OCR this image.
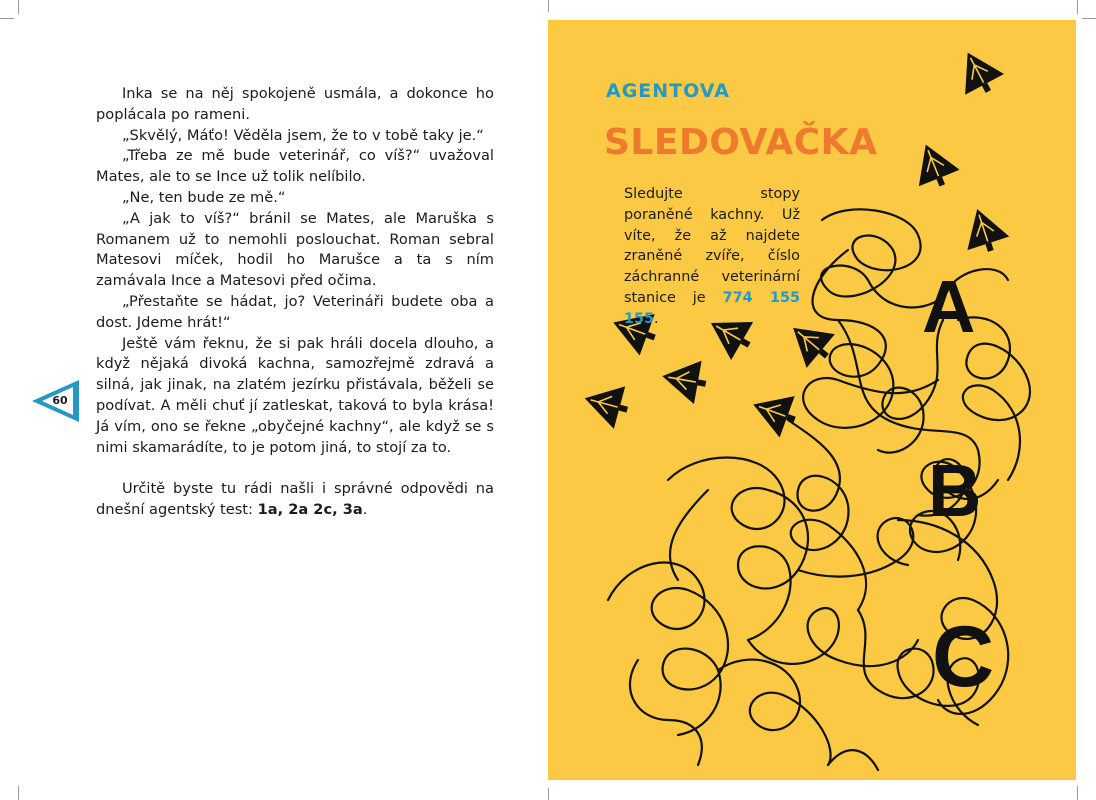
Inka se na něj spokojeně usmála, a dokonce ho poplácala po rameni.

„Skvělý, Máťo! Věděla jsem, že to v tobě taky je.“

„Třeba ze mě bude veterinář, co víš?“ uvažoval Mates, ale to se Ince už tolik nelíbilo.

„Ne, ten bude ze mě.“

„A jak to víš?“ bránil se Mates, ale Maruška s Romanem už to nemohli poslouchat. Roman sebral Matesovi míček, hodil ho Marušce a ta s ním zamávala Ince a Matesovi před očima.

„Přestaňte se hádat, jo? Veterináři budete oba a dost. Jdeme hrát!“

Ještě vám řeknu, že si pak hráli docela dlouho, a když nějaká divoká kachna, samozřejmě zdravá a silná, jak jinak, na zlatém jezírku přistávala, běželi se podívat. A měli chuť jí zatleskat, taková to byla krása! Já vím, ono se řekne „obyčejné kachny“, ale když se s nimi skamarádíte, to je potom jiná, to stojí za to.

Určitě byste tu rádi našli i správné odpovědi na dnešní agentský test: 1a, 2a 2c, 3a.

60
A
B
C
AGENTOVA
SLEDOVAČKA
Sledujte stopy poraněné kachny. Už víte, že až najdete zraněné zvíře, číslo záchranné veterinární stanice je 774 155 155.
